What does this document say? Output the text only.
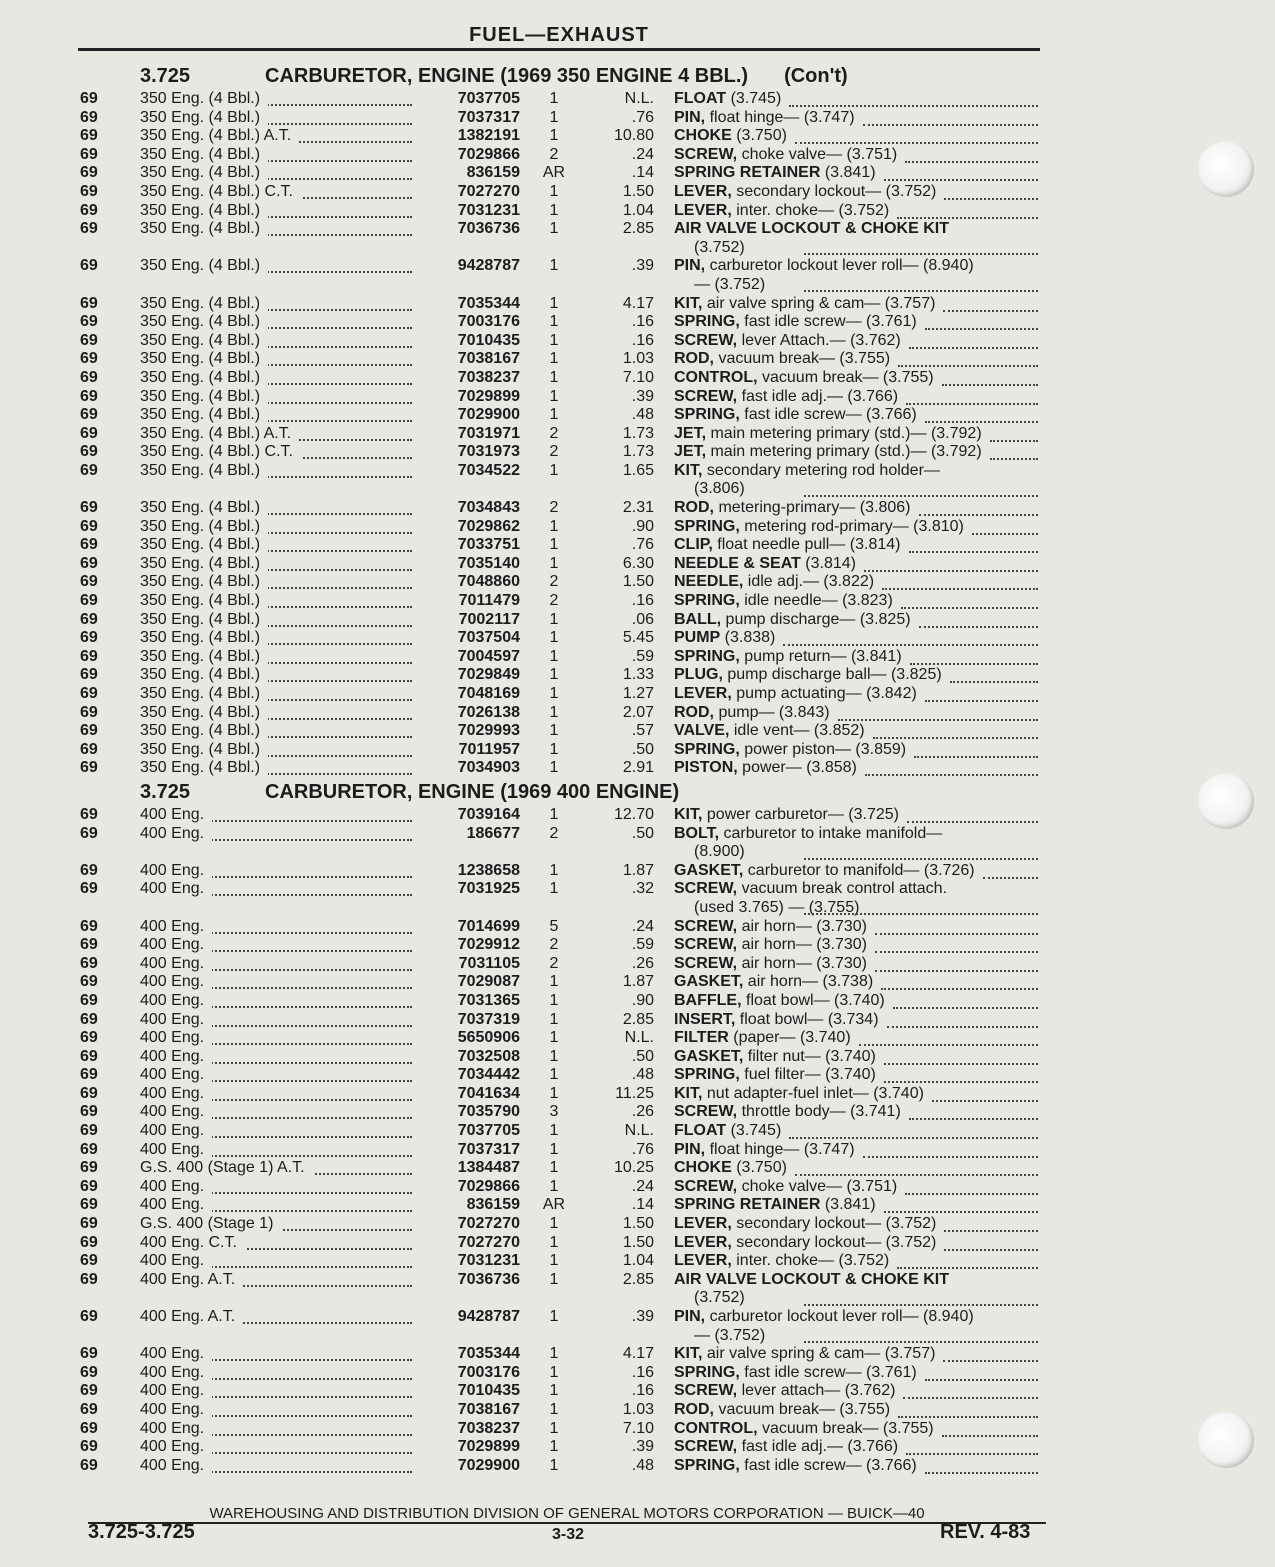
FUEL—EXHAUST
3.725	CARBURETOR, ENGINE (1969 350 ENGINE 4 BBL.) (Con't)
69	350 Eng. (4 Bbl.)	7037705	1	N.L.	FLOAT (3.745)
69	350 Eng. (4 Bbl.)	7037317	1	.76	PIN, float hinge— (3.747)
69	350 Eng. (4 Bbl.) A.T.	1382191	1	10.80	CHOKE (3.750)
69	350 Eng. (4 Bbl.)	7029866	2	.24	SCREW, choke valve— (3.751)
69	350 Eng. (4 Bbl.)	836159	AR	.14	SPRING RETAINER (3.841)
69	350 Eng. (4 Bbl.) C.T.	7027270	1	1.50	LEVER, secondary lockout— (3.752)
69	350 Eng. (4 Bbl.)	7031231	1	1.04	LEVER, inter. choke— (3.752)
69	350 Eng. (4 Bbl.)	7036736	1	2.85	AIR VALVE LOCKOUT & CHOKE KIT
(3.752)
69	350 Eng. (4 Bbl.)	9428787	1	.39	PIN, carburetor lockout lever roll— (8.940)
— (3.752)
69	350 Eng. (4 Bbl.)	7035344	1	4.17	KIT, air valve spring & cam— (3.757)
69	350 Eng. (4 Bbl.)	7003176	1	.16	SPRING, fast idle screw— (3.761)
69	350 Eng. (4 Bbl.)	7010435	1	.16	SCREW, lever Attach.— (3.762)
69	350 Eng. (4 Bbl.)	7038167	1	1.03	ROD, vacuum break— (3.755)
69	350 Eng. (4 Bbl.)	7038237	1	7.10	CONTROL, vacuum break— (3.755)
69	350 Eng. (4 Bbl.)	7029899	1	.39	SCREW, fast idle adj.— (3.766)
69	350 Eng. (4 Bbl.)	7029900	1	.48	SPRING, fast idle screw— (3.766)
69	350 Eng. (4 Bbl.) A.T.	7031971	2	1.73	JET, main metering primary (std.)— (3.792)
69	350 Eng. (4 Bbl.) C.T.	7031973	2	1.73	JET, main metering primary (std.)— (3.792)
69	350 Eng. (4 Bbl.)	7034522	1	1.65	KIT, secondary metering rod holder—
(3.806)
69	350 Eng. (4 Bbl.)	7034843	2	2.31	ROD, metering-primary— (3.806)
69	350 Eng. (4 Bbl.)	7029862	1	.90	SPRING, metering rod-primary— (3.810)
69	350 Eng. (4 Bbl.)	7033751	1	.76	CLIP, float needle pull— (3.814)
69	350 Eng. (4 Bbl.)	7035140	1	6.30	NEEDLE & SEAT (3.814)
69	350 Eng. (4 Bbl.)	7048860	2	1.50	NEEDLE, idle adj.— (3.822)
69	350 Eng. (4 Bbl.)	7011479	2	.16	SPRING, idle needle— (3.823)
69	350 Eng. (4 Bbl.)	7002117	1	.06	BALL, pump discharge— (3.825)
69	350 Eng. (4 Bbl.)	7037504	1	5.45	PUMP (3.838)
69	350 Eng. (4 Bbl.)	7004597	1	.59	SPRING, pump return— (3.841)
69	350 Eng. (4 Bbl.)	7029849	1	1.33	PLUG, pump discharge ball— (3.825)
69	350 Eng. (4 Bbl.)	7048169	1	1.27	LEVER, pump actuating— (3.842)
69	350 Eng. (4 Bbl.)	7026138	1	2.07	ROD, pump— (3.843)
69	350 Eng. (4 Bbl.)	7029993	1	.57	VALVE, idle vent— (3.852)
69	350 Eng. (4 Bbl.)	7011957	1	.50	SPRING, power piston— (3.859)
69	350 Eng. (4 Bbl.)	7034903	1	2.91	PISTON, power— (3.858)
3.725	CARBURETOR, ENGINE (1969 400 ENGINE)
69	400 Eng.	7039164	1	12.70	KIT, power carburetor— (3.725)
69	400 Eng.	186677	2	.50	BOLT, carburetor to intake manifold—
(8.900)
69	400 Eng.	1238658	1	1.87	GASKET, carburetor to manifold— (3.726)
69	400 Eng.	7031925	1	.32	SCREW, vacuum break control attach.
(used 3.765) — (3.755)
69	400 Eng.	7014699	5	.24	SCREW, air horn— (3.730)
69	400 Eng.	7029912	2	.59	SCREW, air horn— (3.730)
69	400 Eng.	7031105	2	.26	SCREW, air horn— (3.730)
69	400 Eng.	7029087	1	1.87	GASKET, air horn— (3.738)
69	400 Eng.	7031365	1	.90	BAFFLE, float bowl— (3.740)
69	400 Eng.	7037319	1	2.85	INSERT, float bowl— (3.734)
69	400 Eng.	5650906	1	N.L.	FILTER (paper— (3.740)
69	400 Eng.	7032508	1	.50	GASKET, filter nut— (3.740)
69	400 Eng.	7034442	1	.48	SPRING, fuel filter— (3.740)
69	400 Eng.	7041634	1	11.25	KIT, nut adapter-fuel inlet— (3.740)
69	400 Eng.	7035790	3	.26	SCREW, throttle body— (3.741)
69	400 Eng.	7037705	1	N.L.	FLOAT (3.745)
69	400 Eng.	7037317	1	.76	PIN, float hinge— (3.747)
69	G.S. 400 (Stage 1) A.T.	1384487	1	10.25	CHOKE (3.750)
69	400 Eng.	7029866	1	.24	SCREW, choke valve— (3.751)
69	400 Eng.	836159	AR	.14	SPRING RETAINER (3.841)
69	G.S. 400 (Stage 1)	7027270	1	1.50	LEVER, secondary lockout— (3.752)
69	400 Eng. C.T.	7027270	1	1.50	LEVER, secondary lockout— (3.752)
69	400 Eng.	7031231	1	1.04	LEVER, inter. choke— (3.752)
69	400 Eng. A.T.	7036736	1	2.85	AIR VALVE LOCKOUT & CHOKE KIT
(3.752)
69	400 Eng. A.T.	9428787	1	.39	PIN, carburetor lockout lever roll— (8.940)
— (3.752)
69	400 Eng.	7035344	1	4.17	KIT, air valve spring & cam— (3.757)
69	400 Eng.	7003176	1	.16	SPRING, fast idle screw— (3.761)
69	400 Eng.	7010435	1	.16	SCREW, lever attach— (3.762)
69	400 Eng.	7038167	1	1.03	ROD, vacuum break— (3.755)
69	400 Eng.	7038237	1	7.10	CONTROL, vacuum break— (3.755)
69	400 Eng.	7029899	1	.39	SCREW, fast idle adj.— (3.766)
69	400 Eng.	7029900	1	.48	SPRING, fast idle screw— (3.766)
WAREHOUSING AND DISTRIBUTION DIVISION OF GENERAL MOTORS CORPORATION — BUICK—40
3.725-3.725	3-32	REV. 4-83
